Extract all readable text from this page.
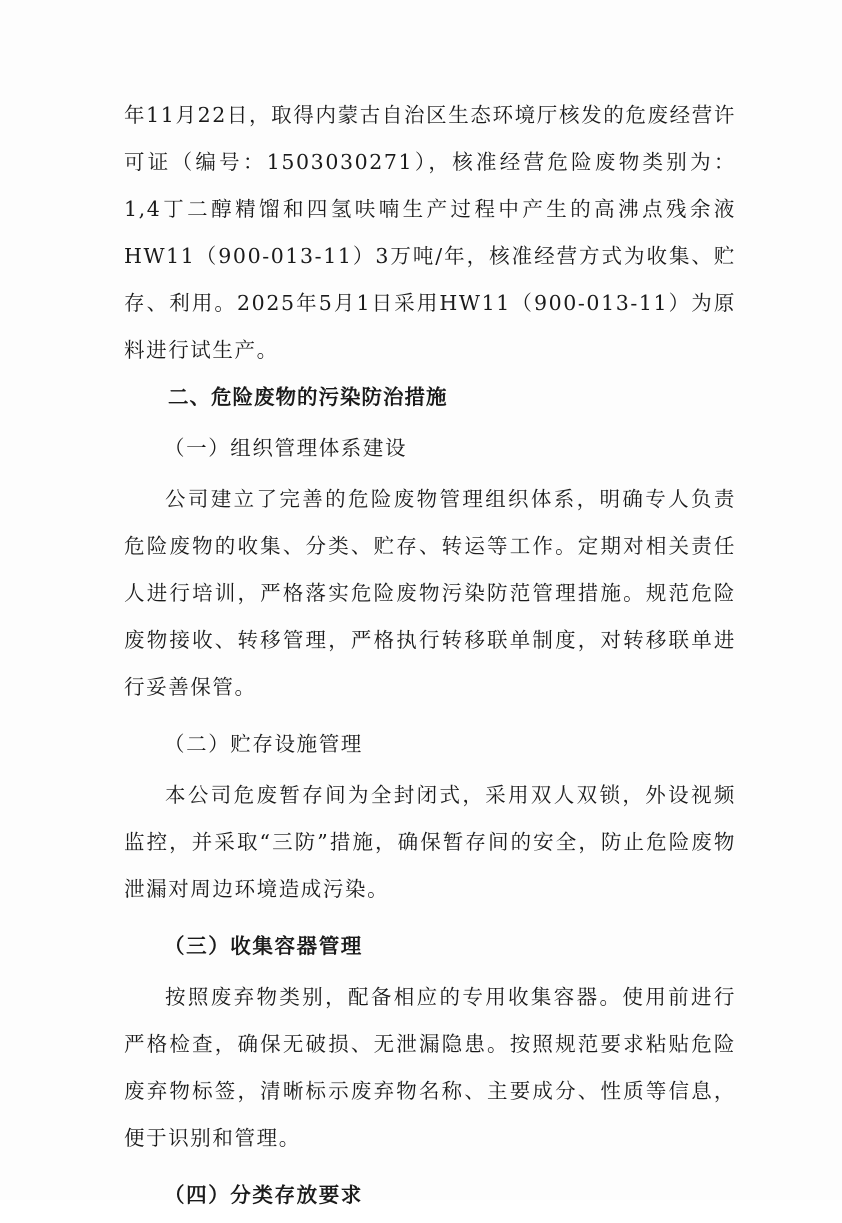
年11月22日，取得内蒙古自治区生态环境厅核发的危废经营许可证（编号：1503030271），核准经营危险废物类别为：1,4丁二醇精馏和四氢呋喃生产过程中产生的高沸点残余液HW11（900-013-11）3万吨/年，核准经营方式为收集、贮存、利用。2025年5月1日采用HW11（900-013-11）为原料进行试生产。

二、危险废物的污染防治措施

（一）组织管理体系建设

公司建立了完善的危险废物管理组织体系，明确专人负责危险废物的收集、分类、贮存、转运等工作。定期对相关责任人进行培训，严格落实危险废物污染防范管理措施。规范危险废物接收、转移管理，严格执行转移联单制度，对转移联单进行妥善保管。

（二）贮存设施管理

本公司危废暂存间为全封闭式，采用双人双锁，外设视频监控，并采取“三防”措施，确保暂存间的安全，防止危险废物泄漏对周边环境造成污染。

（三）收集容器管理

按照废弃物类别，配备相应的专用收集容器。使用前进行严格检查，确保无破损、无泄漏隐患。按照规范要求粘贴危险废弃物标签，清晰标示废弃物名称、主要成分、性质等信息，便于识别和管理。

（四）分类存放要求
